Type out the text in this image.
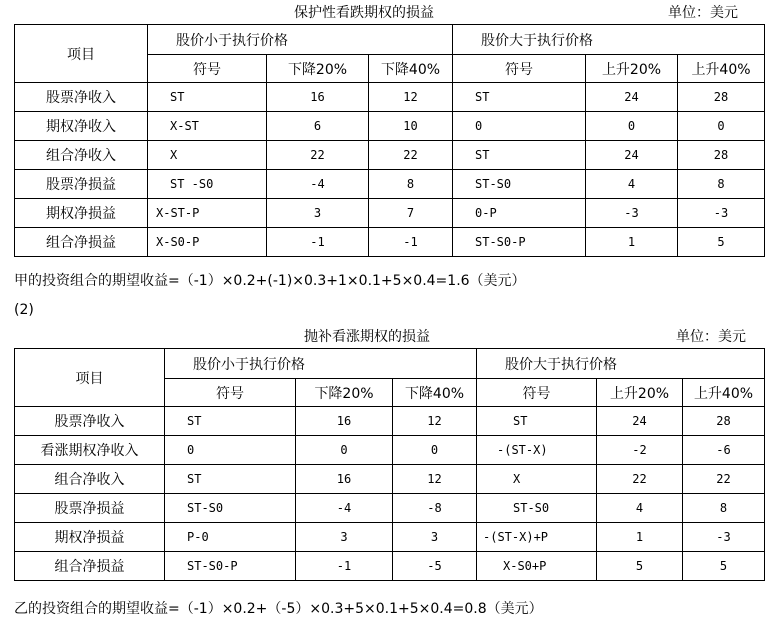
保护性看跌期权的损益	单位：美元
项目	股价小于执行价格			股价大于执行价格		
	符号	下降20%	下降40%	符号	上升20%	上升40%
股票净收入	ST	16	12	ST	24	28
期权净收入	X-ST	6	10	0	0	0
组合净收入	X	22	22	ST	24	28
股票净损益	ST -S0	-4	8	ST-S0	4	8
期权净损益	X-ST-P	3	7	0-P	-3	-3
组合净损益	X-S0-P	-1	-1	ST-S0-P	1	5
甲的投资组合的期望收益=（-1）×0.2+(-1)×0.3+1×0.1+5×0.4=1.6（美元）
(2)
抛补看涨期权的损益	单位：美元
项目	股价小于执行价格			股价大于执行价格		
	符号	下降20%	下降40%	符号	上升20%	上升40%
股票净收入	ST	16	12	ST	24	28
看涨期权净收入	0	0	0	-(ST-X)	-2	-6
组合净收入	ST	16	12	X	22	22
股票净损益	ST-S0	-4	-8	ST-S0	4	8
期权净损益	P-0	3	3	-(ST-X)+P	1	-3
组合净损益	ST-S0-P	-1	-5	X-S0+P	5	5
乙的投资组合的期望收益=（-1）×0.2+（-5）×0.3+5×0.1+5×0.4=0.8（美元）
